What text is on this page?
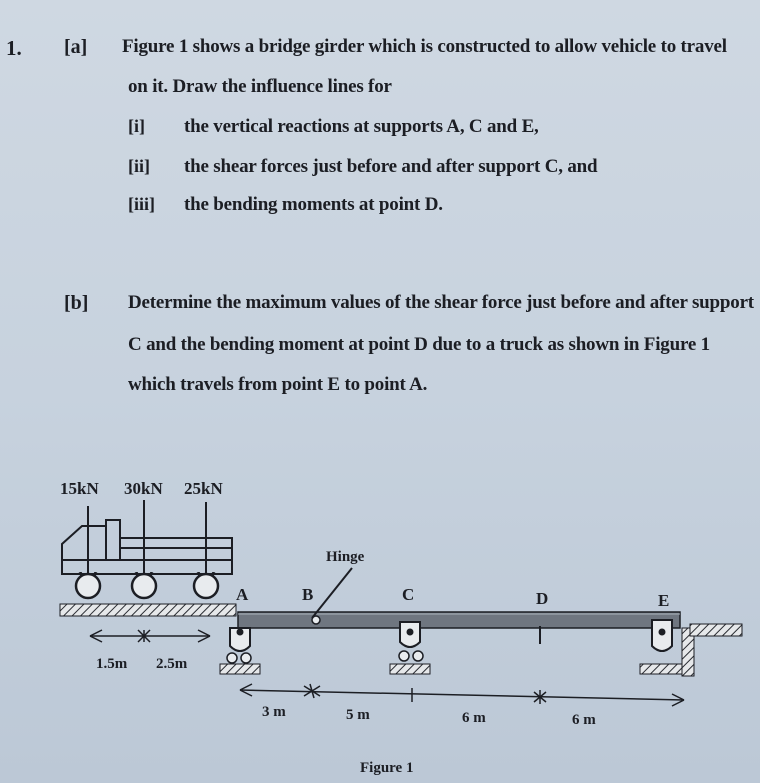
1. [a] Figure 1 shows a bridge girder which is constructed to allow vehicle to travel
on it. Draw the influence lines for
[i] the vertical reactions at supports A, C and E,
[ii] the shear forces just before and after support C, and
[iii] the bending moments at point D.
[b] Determine the maximum values of the shear force just before and after support
C and the bending moment at point D due to a truck as shown in Figure 1
which travels from point E to point A.
15kN 30kN 25kN
Hinge
A	B	C	D	E
1.5m 2.5m
3 m	5 m	6 m	6 m
Figure 1
